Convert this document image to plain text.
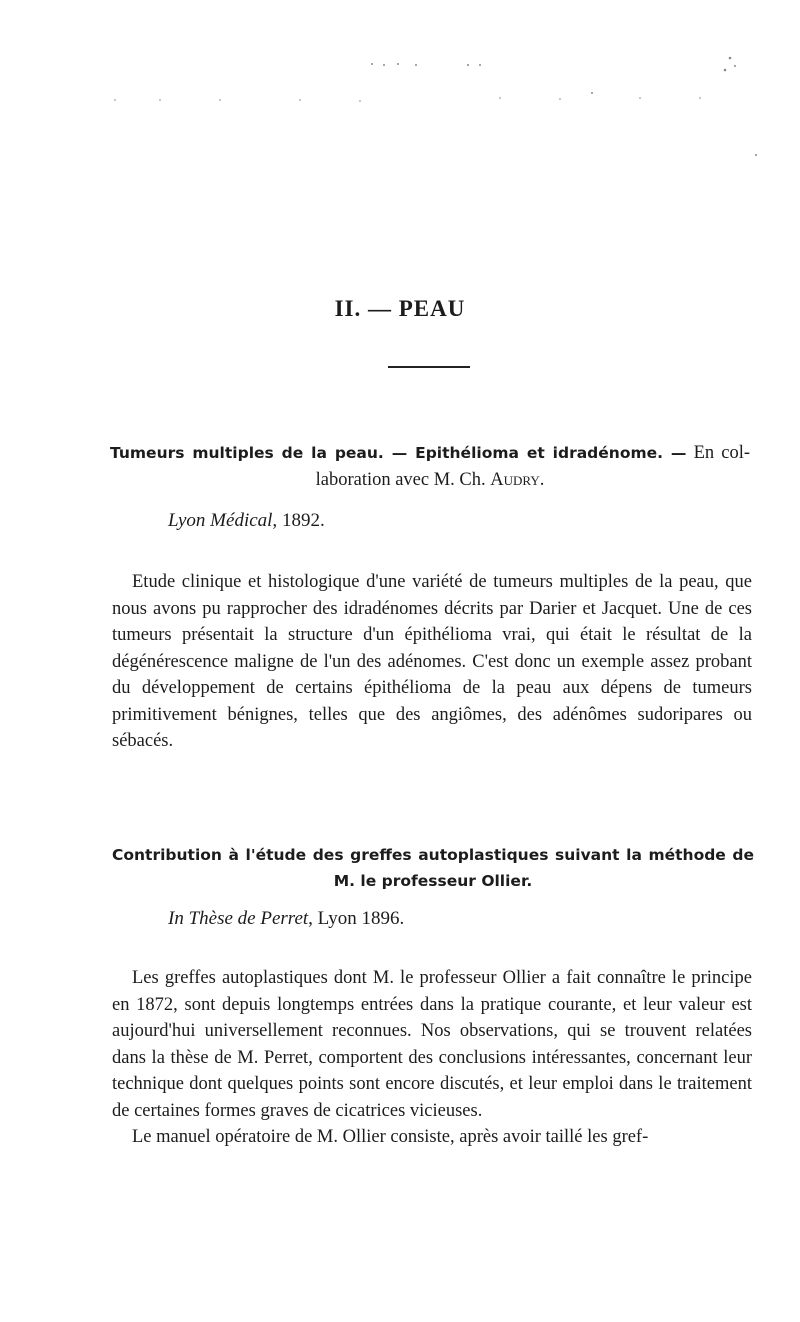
II. — PEAU
Tumeurs multiples de la peau. — Epithélioma et idradénome. — En col-
laboration avec M. Ch. Audry.
Lyon Médical, 1892.

Etude clinique et histologique d'une variété de tumeurs multiples de la peau, que nous avons pu rapprocher des idradénomes décrits par Darier et Jacquet. Une de ces tumeurs présentait la structure d'un épithélioma vrai, qui était le résultat de la dégénérescence maligne de l'un des adénomes. C'est donc un exemple assez probant du développement de certains épithélioma de la peau aux dépens de tumeurs primitivement bénignes, telles que des angiômes, des adénômes sudoripares ou sébacés.

Contribution à l'étude des greffes autoplastiques suivant la méthode de
M. le professeur Ollier.
In Thèse de Perret, Lyon 1896.

Les greffes autoplastiques dont M. le professeur Ollier a fait connaître le principe en 1872, sont depuis longtemps entrées dans la pratique courante, et leur valeur est aujourd'hui universellement reconnues. Nos observations, qui se trouvent relatées dans la thèse de M. Perret, comportent des conclusions intéressantes, concernant leur technique dont quelques points sont encore discutés, et leur emploi dans le traitement de certaines formes graves de cicatrices vicieuses.

Le manuel opératoire de M. Ollier consiste, après avoir taillé les gref-
